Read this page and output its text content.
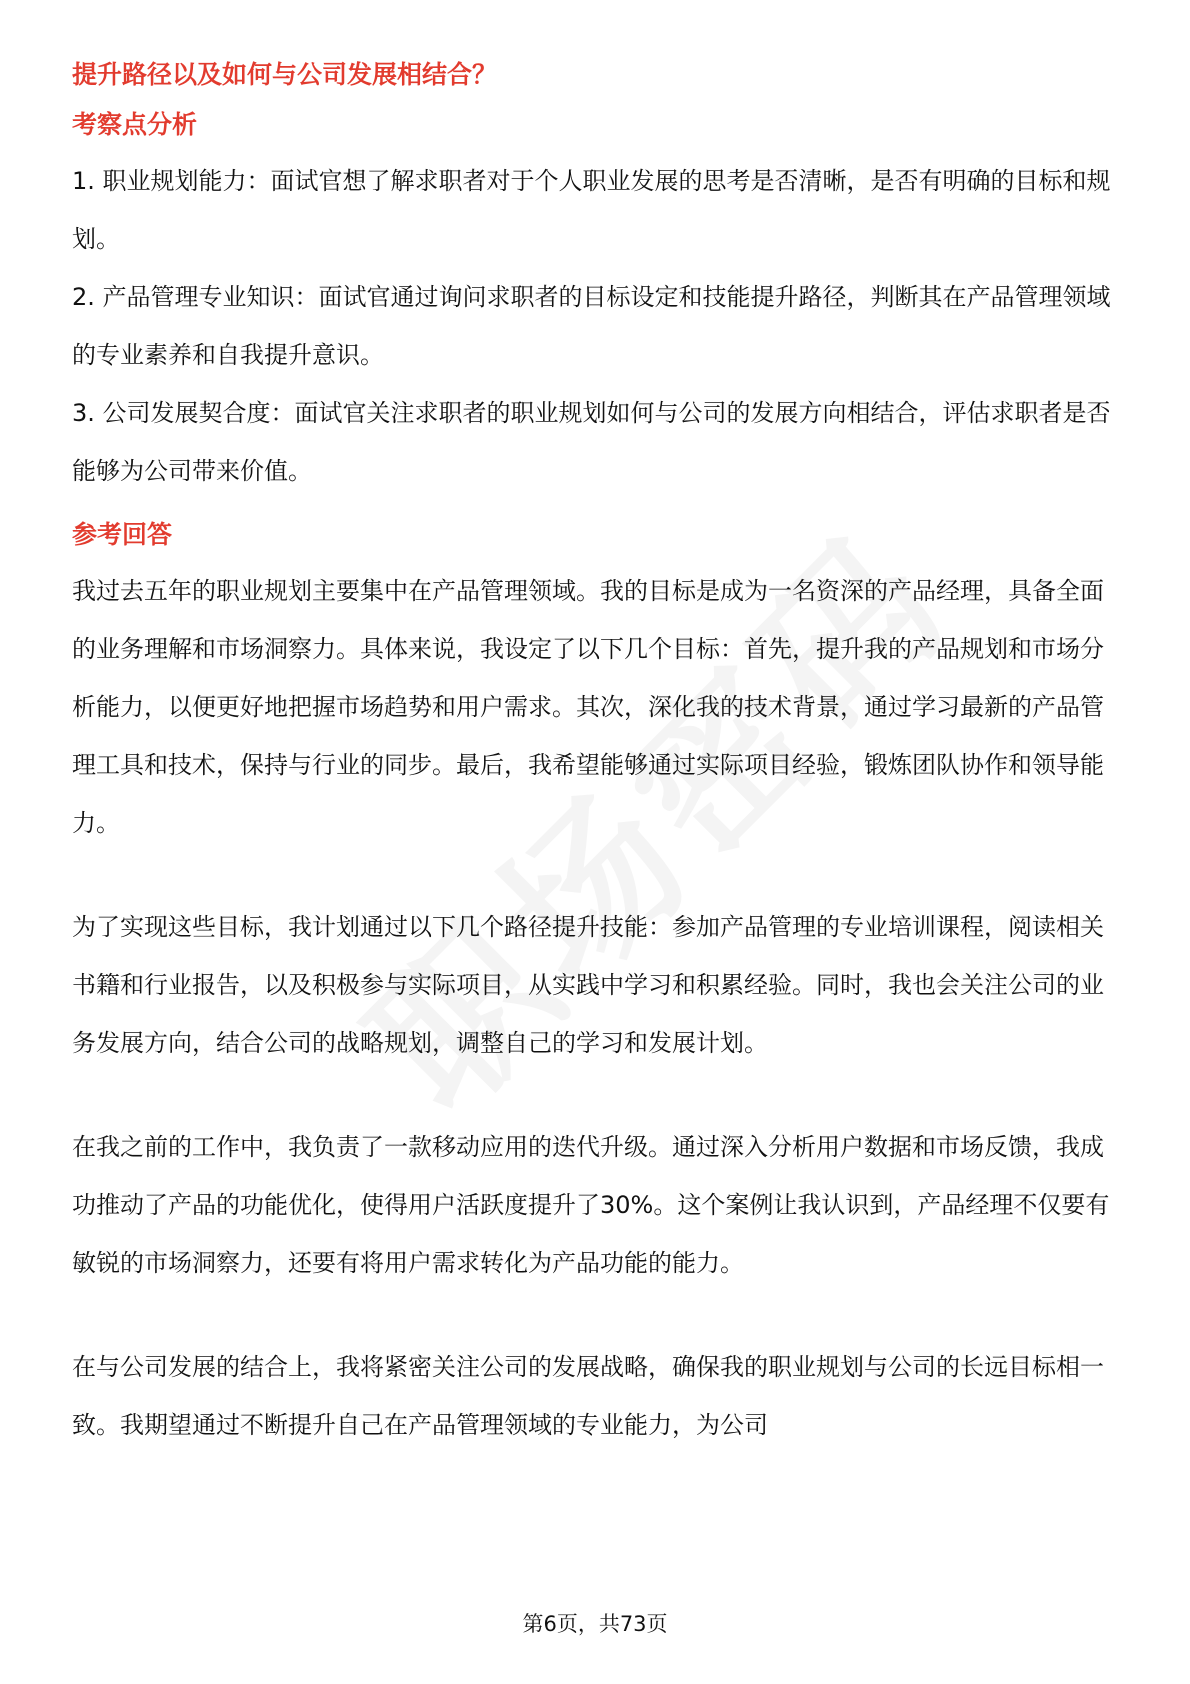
提升路径以及如何与公司发展相结合？
考察点分析

1. 职业规划能力：面试官想了解求职者对于个人职业发展的思考是否清晰，是否有明确的目标和规划。

2. 产品管理专业知识：面试官通过询问求职者的目标设定和技能提升路径，判断其在产品管理领域的专业素养和自我提升意识。

3. 公司发展契合度：面试官关注求职者的职业规划如何与公司的发展方向相结合，评估求职者是否能够为公司带来价值。

参考回答

我过去五年的职业规划主要集中在产品管理领域。我的目标是成为一名资深的产品经理，具备全面的业务理解和市场洞察力。具体来说，我设定了以下几个目标：首先，提升我的产品规划和市场分析能力，以便更好地把握市场趋势和用户需求。其次，深化我的技术背景，通过学习最新的产品管理工具和技术，保持与行业的同步。最后，我希望能够通过实际项目经验，锻炼团队协作和领导能力。

为了实现这些目标，我计划通过以下几个路径提升技能：参加产品管理的专业培训课程，阅读相关书籍和行业报告，以及积极参与实际项目，从实践中学习和积累经验。同时，我也会关注公司的业务发展方向，结合公司的战略规划，调整自己的学习和发展计划。

在我之前的工作中，我负责了一款移动应用的迭代升级。通过深入分析用户数据和市场反馈，我成功推动了产品的功能优化，使得用户活跃度提升了30%。这个案例让我认识到，产品经理不仅要有敏锐的市场洞察力，还要有将用户需求转化为产品功能的能力。

在与公司发展的结合上，我将紧密关注公司的发展战略，确保我的职业规划与公司的长远目标相一致。我期望通过不断提升自己在产品管理领域的专业能力，为公司

第6页，共73页
